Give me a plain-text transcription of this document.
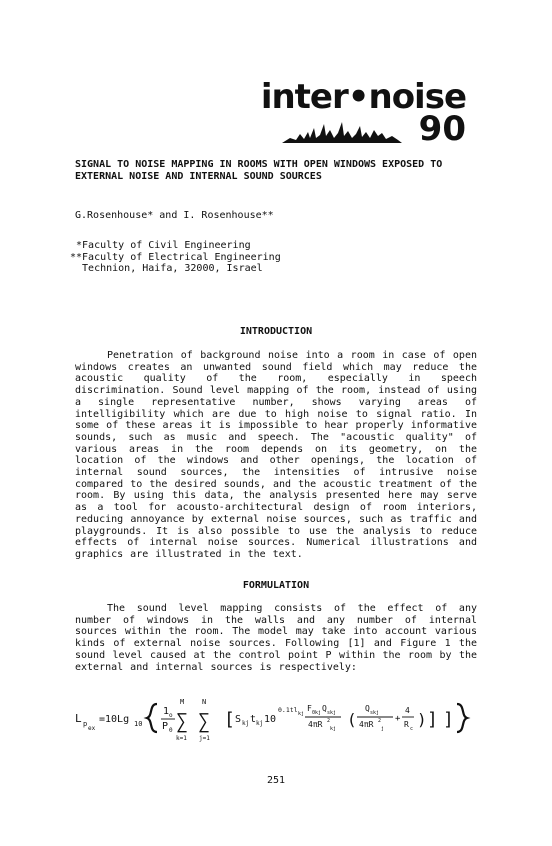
inter•noise
90
SIGNAL TO NOISE MAPPING IN ROOMS WITH OPEN WINDOWS EXPOSED TO EXTERNAL NOISE AND INTERNAL SOUND SOURCES
G.Rosenhouse* and I. Rosenhouse**
*Faculty of Civil Engineering
**Faculty of Electrical Engineering
Technion, Haifa, 32000, Israel
INTRODUCTION
Penetration of background noise into a room in case of open windows creates an unwanted sound field which may reduce the acoustic quality of the room, especially in speech discrimination. Sound level mapping of the room, instead of using a single representative number, shows varying areas of intelligibility which are due to high noise to signal ratio. In some of these areas it is impossible to hear properly informative sounds, such as music and speech. The "acoustic quality" of various areas in the room depends on its geometry, on the location of the windows and other openings, the location of internal sound sources, the intensities of intrusive noise compared to the desired sounds, and the acoustic treatment of the room. By using this data, the analysis presented here may serve as a tool for acousto-architectural design of room interiors, reducing annoyance by external noise sources, such as traffic and playgrounds. It is also possible to use the analysis to reduce effects of internal noise sources. Numerical illustrations and graphics are illustrated in the text.
FORMULATION
The sound level mapping consists of the effect of any number of windows in the walls and any number of internal sources within the room. The model may take into account various kinds of external noise sources. Following [1] and Figure 1 the sound level caused at the control point P within the room by the external and internal sources is respectively:
L p
ex
=10Lg 10
1 o
P 0
M
∑
k=1
N
∑
j=1
[ S kj t kj 10
0.1tl kj
F 0kj Q skj
4πR 2
kj (
Q skj
4πR 2
j
+
4
R c ) ] ]
251
